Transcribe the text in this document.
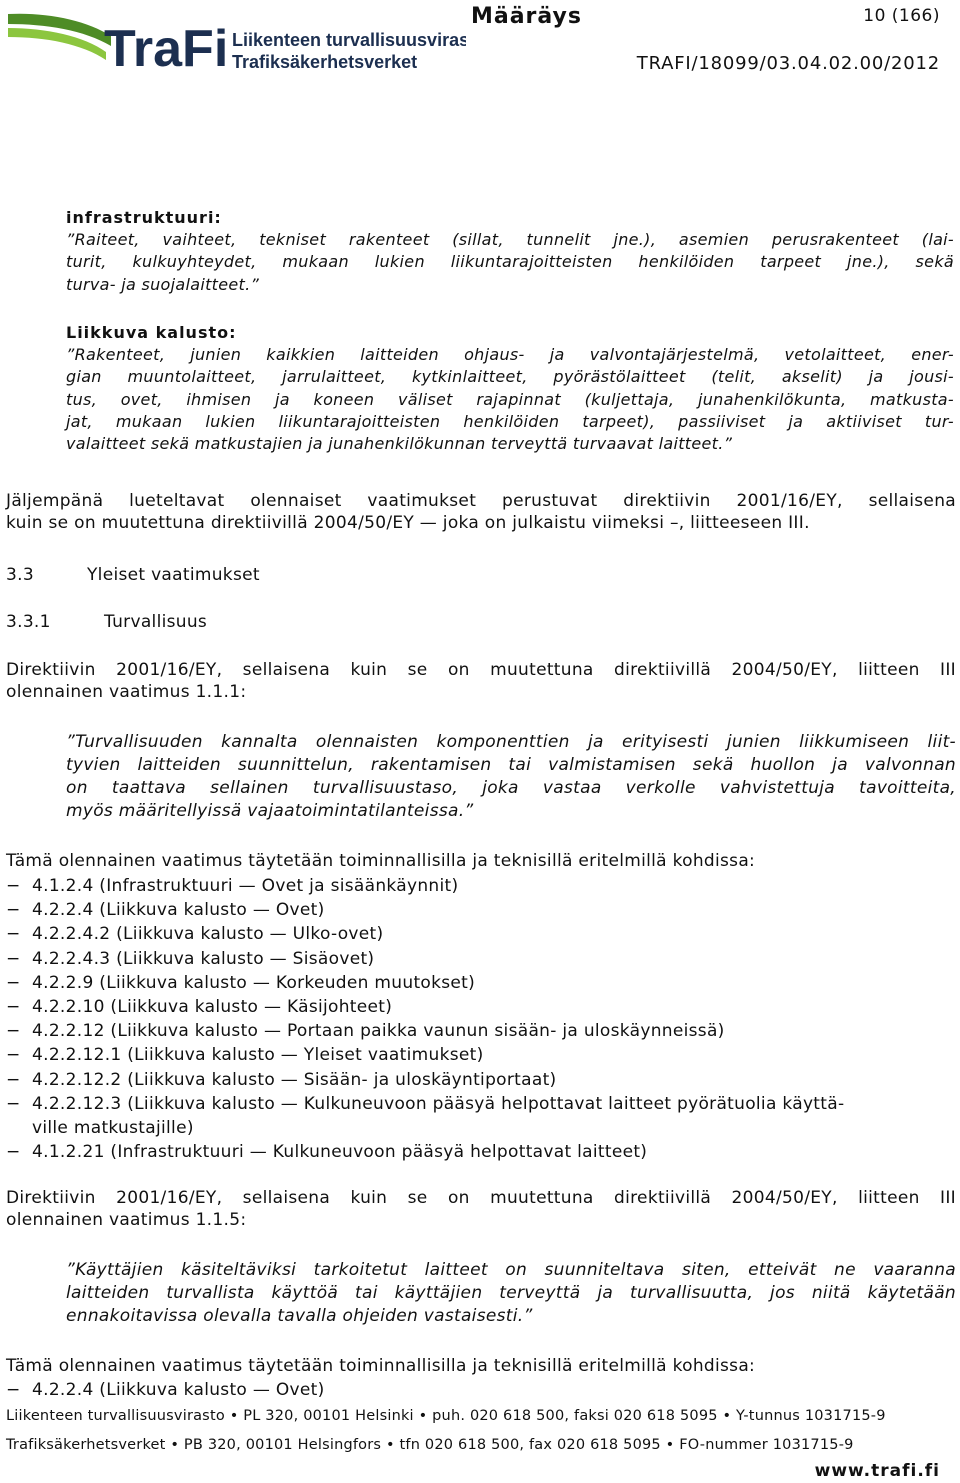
TraFi Liikenteen turvallisuusvirasto
Trafiksäkerhetsverket
Määräys	10 (166)
TRAFI/18099/03.04.02.00/2012
infrastruktuuri:
”Raiteet, vaihteet, tekniset rakenteet (sillat, tunnelit jne.), asemien perusrakenteet (lai-
turit, kulkuyhteydet, mukaan lukien liikuntarajoitteisten henkilöiden tarpeet jne.), sekä
turva- ja suojalaitteet.”
Liikkuva kalusto:
”Rakenteet, junien kaikkien laitteiden ohjaus- ja valvontajärjestelmä, vetolaitteet, ener-
gian muuntolaitteet, jarrulaitteet, kytkinlaitteet, pyörästölaitteet (telit, akselit) ja jousi-
tus, ovet, ihmisen ja koneen väliset rajapinnat (kuljettaja, junahenkilökunta, matkusta-
jat, mukaan lukien liikuntarajoitteisten henkilöiden tarpeet), passiiviset ja aktiiviset tur-
valaitteet sekä matkustajien ja junahenkilökunnan terveyttä turvaavat laitteet.”
Jäljempänä lueteltavat olennaiset vaatimukset perustuvat direktiivin 2001/16/EY, sellaisena
kuin se on muutettuna direktiivillä 2004/50/EY — joka on julkaistu viimeksi –, liitteeseen III.
3.3	Yleiset vaatimukset
3.3.1	Turvallisuus
Direktiivin 2001/16/EY, sellaisena kuin se on muutettuna direktiivillä 2004/50/EY, liitteen III
olennainen vaatimus 1.1.1:
”Turvallisuuden kannalta olennaisten komponenttien ja erityisesti junien liikkumiseen liit-
tyvien laitteiden suunnittelun, rakentamisen tai valmistamisen sekä huollon ja valvonnan
on taattava sellainen turvallisuustaso, joka vastaa verkolle vahvistettuja tavoitteita,
myös määritellyissä vajaatoimintatilanteissa.”
Tämä olennainen vaatimus täytetään toiminnallisilla ja teknisillä eritelmillä kohdissa:
− 4.1.2.4 (Infrastruktuuri — Ovet ja sisäänkäynnit)
− 4.2.2.4 (Liikkuva kalusto — Ovet)
− 4.2.2.4.2 (Liikkuva kalusto — Ulko-ovet)
− 4.2.2.4.3 (Liikkuva kalusto — Sisäovet)
− 4.2.2.9 (Liikkuva kalusto — Korkeuden muutokset)
− 4.2.2.10 (Liikkuva kalusto — Käsijohteet)
− 4.2.2.12 (Liikkuva kalusto — Portaan paikka vaunun sisään- ja uloskäynneissä)
− 4.2.2.12.1 (Liikkuva kalusto — Yleiset vaatimukset)
− 4.2.2.12.2 (Liikkuva kalusto — Sisään- ja uloskäyntiportaat)
− 4.2.2.12.3 (Liikkuva kalusto — Kulkuneuvoon pääsyä helpottavat laitteet pyörätuolia käyttä-
ville matkustajille)
− 4.1.2.21 (Infrastruktuuri — Kulkuneuvoon pääsyä helpottavat laitteet)
Direktiivin 2001/16/EY, sellaisena kuin se on muutettuna direktiivillä 2004/50/EY, liitteen III
olennainen vaatimus 1.1.5:
”Käyttäjien käsiteltäviksi tarkoitetut laitteet on suunniteltava siten, etteivät ne vaaranna
laitteiden turvallista käyttöä tai käyttäjien terveyttä ja turvallisuutta, jos niitä käytetään
ennakoitavissa olevalla tavalla ohjeiden vastaisesti.”
Tämä olennainen vaatimus täytetään toiminnallisilla ja teknisillä eritelmillä kohdissa:
− 4.2.2.4 (Liikkuva kalusto — Ovet)
Liikenteen turvallisuusvirasto • PL 320, 00101 Helsinki • puh. 020 618 500, faksi 020 618 5095 • Y-tunnus 1031715-9
Trafiksäkerhetsverket • PB 320, 00101 Helsingfors • tfn 020 618 500, fax 020 618 5095 • FO-nummer 1031715-9
www.trafi.fi
